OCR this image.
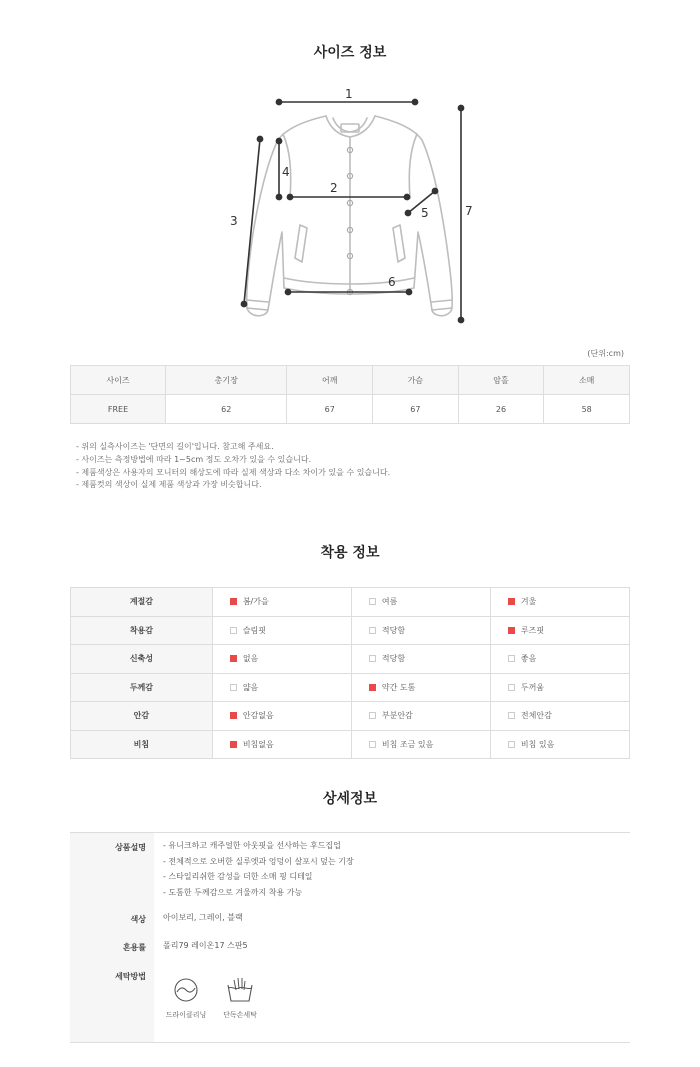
사이즈 정보
1
2
3
4
5
6
7
(단위:cm)
사이즈	총기장	어깨	가슴	암홀	소매
FREE	62	67	67	26	58
- 위의 실측사이즈는 '단면의 길이'입니다. 참고해 주세요.
- 사이즈는 측정방법에 따라 1~5cm 정도 오차가 있을 수 있습니다.
- 제품색상은 사용자의 모니터의 해상도에 따라 실제 색상과 다소 차이가 있을 수 있습니다.
- 제품컷의 색상이 실제 제품 색상과 가장 비슷합니다.
착용 정보
계절감	봄/가을	여름	겨울
착용감	슬림핏	적당함	루즈핏
신축성	없음	적당함	좋음
두께감	얇음	약간 도톰	두꺼움
안감	안감없음	부분안감	전체안감
비침	비침없음	비침 조금 있음	비침 있음
상세정보
상품설명 - 유니크하고 캐주얼한 아웃핏을 선사하는 후드집업
- 전체적으로 오버한 실루엣과 엉덩이 살포시 덮는 기장
- 스타일리쉬한 감성을 더한 소매 핑 디테일
- 도톰한 두께감으로 겨울까지 착용 가능
색상 아이보리, 그레이, 블랙
혼용률 폴리79 레이온17 스판5
세탁방법
드라이클리닝	단독손세탁
